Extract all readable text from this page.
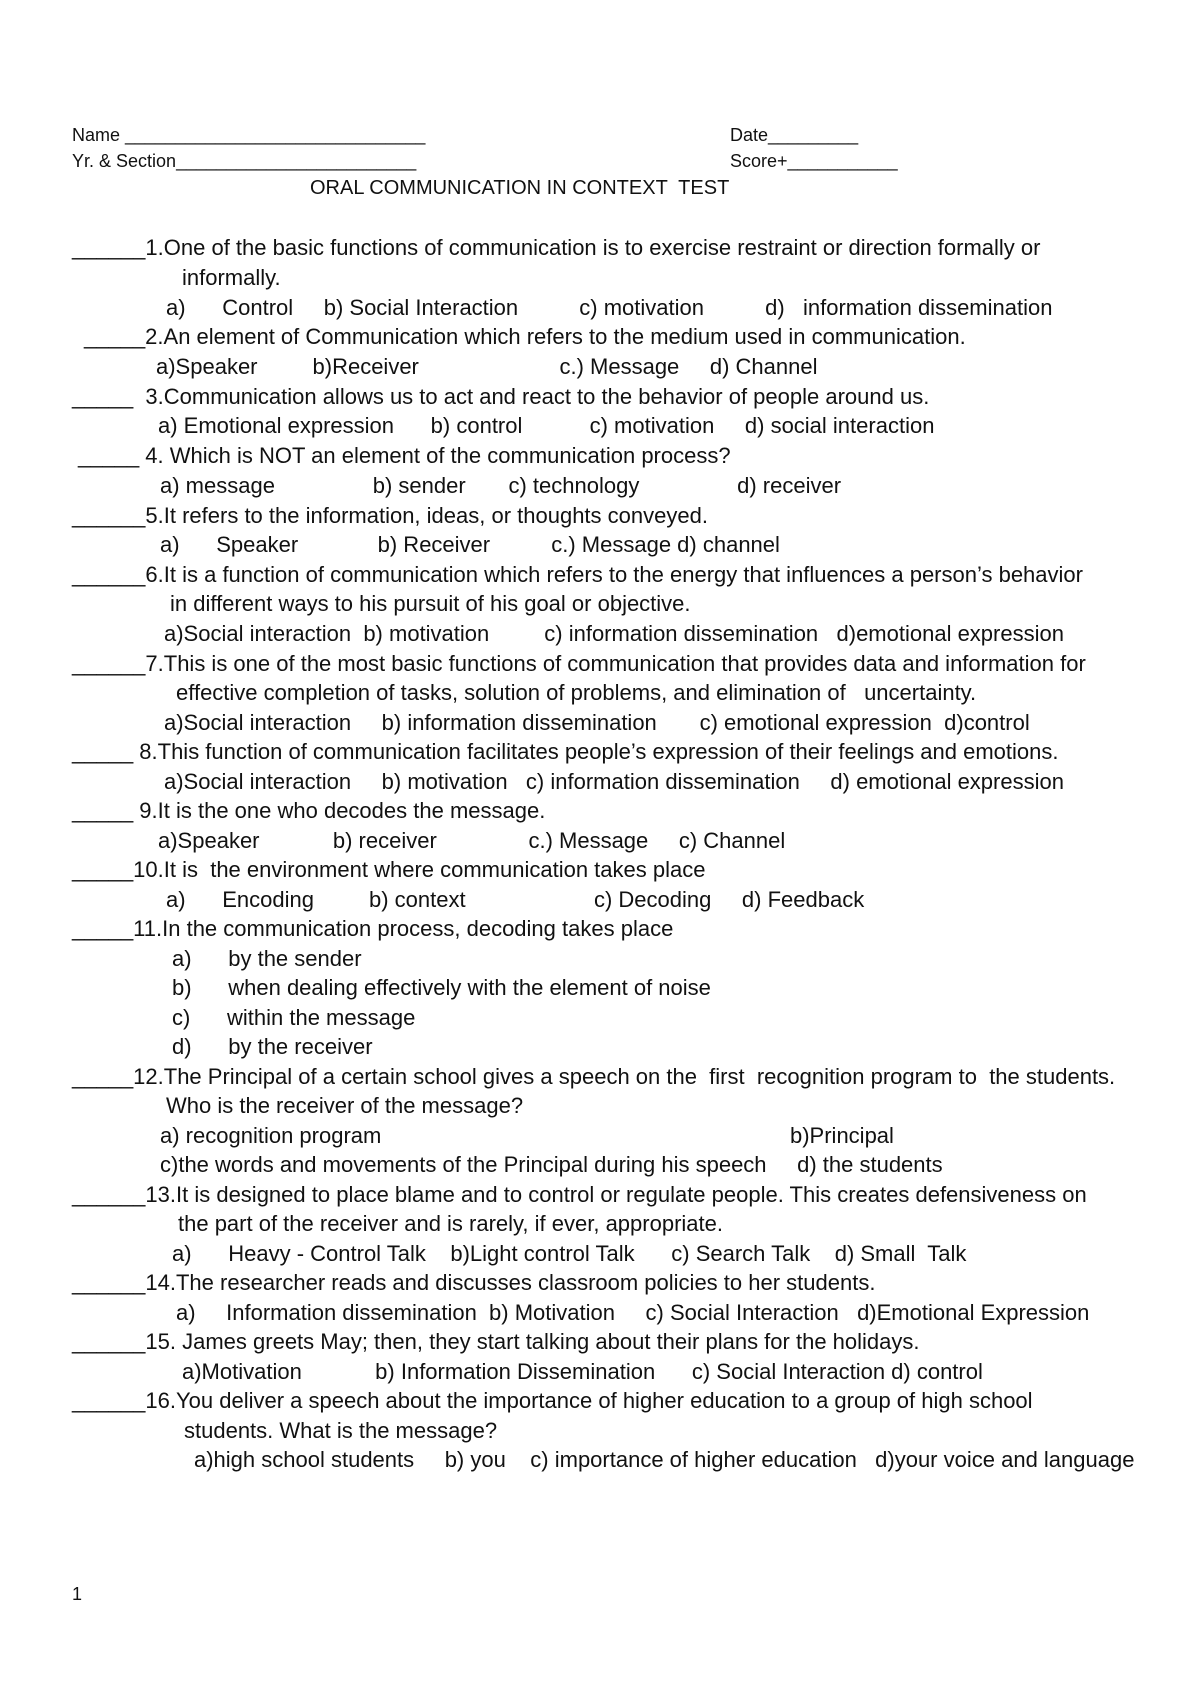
Name ______________________________	Date_________
Yr. & Section________________________	Score+___________
ORAL COMMUNICATION IN CONTEXT  TEST
______1.One of the basic functions of communication is to exercise restraint or direction formally or
informally.
a)      Control     b) Social Interaction          c) motivation          d)   information dissemination
_____2.An element of Communication which refers to the medium used in communication.
a)Speaker         b)Receiver                       c.) Message     d) Channel
_____  3.Communication allows us to act and react to the behavior of people around us.
a) Emotional expression      b) control           c) motivation     d) social interaction
_____ 4. Which is NOT an element of the communication process?
a) message                b) sender       c) technology                d) receiver
______5.It refers to the information, ideas, or thoughts conveyed.
a)      Speaker             b) Receiver          c.) Message d) channel
______6.It is a function of communication which refers to the energy that influences a person’s behavior
in different ways to his pursuit of his goal or objective.
a)Social interaction  b) motivation         c) information dissemination   d)emotional expression
______7.This is one of the most basic functions of communication that provides data and information for
effective completion of tasks, solution of problems, and elimination of   uncertainty.
a)Social interaction     b) information dissemination       c) emotional expression  d)control
_____ 8.This function of communication facilitates people’s expression of their feelings and emotions.
a)Social interaction     b) motivation   c) information dissemination     d) emotional expression
_____ 9.It is the one who decodes the message.
a)Speaker            b) receiver               c.) Message     c) Channel
_____10.It is  the environment where communication takes place
a)      Encoding         b) context                     c) Decoding     d) Feedback
_____11.In the communication process, decoding takes place
a)      by the sender
b)      when dealing effectively with the element of noise
c)      within the message
d)      by the receiver
_____12.The Principal of a certain school gives a speech on the  first  recognition program to  the students.
Who is the receiver of the message?
a) recognition program	b)Principal
c)the words and movements of the Principal during his speech     d) the students
______13.It is designed to place blame and to control or regulate people. This creates defensiveness on
the part of the receiver and is rarely, if ever, appropriate.
a)      Heavy - Control Talk    b)Light control Talk      c) Search Talk    d) Small  Talk
______14.The researcher reads and discusses classroom policies to her students.
a)     Information dissemination  b) Motivation     c) Social Interaction   d)Emotional Expression
______15. James greets May; then, they start talking about their plans for the holidays.
a)Motivation            b) Information Dissemination      c) Social Interaction d) control
______16.You deliver a speech about the importance of higher education to a group of high school
students. What is the message?
a)high school students     b) you    c) importance of higher education   d)your voice and language
1
